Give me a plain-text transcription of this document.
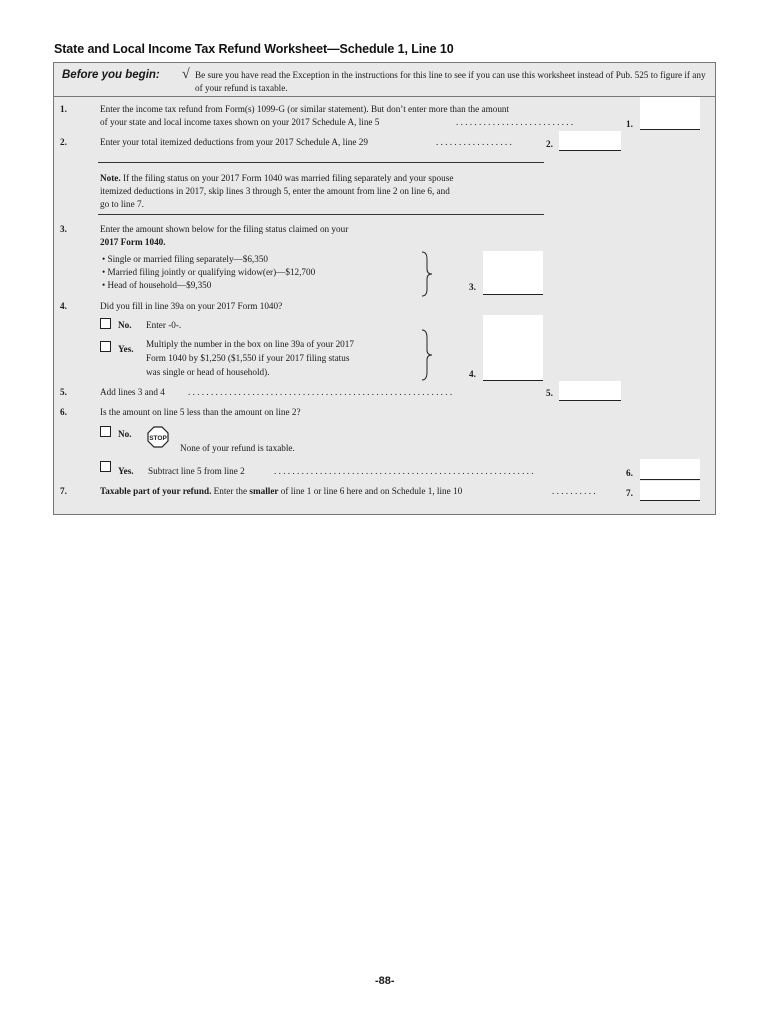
State and Local Income Tax Refund Worksheet—Schedule 1, Line 10
Before you begin: √ Be sure you have read the Exception in the instructions for this line to see if you can use this worksheet instead of Pub. 525 to figure if any of your refund is taxable.
1.	Enter the income tax refund from Form(s) 1099-G (or similar statement). But don’t enter more than the amount
of your state and local income taxes shown on your 2017 Schedule A, line 5	. . . . . . . . . . . . . . . . . . . . . . . . . .	1.
2.	Enter your total itemized deductions from your 2017 Schedule A, line 29	. . . . . . . . . . . . . . . . .	2.
Note. If the filing status on your 2017 Form 1040 was married filing separately and your spouse
itemized deductions in 2017, skip lines 3 through 5, enter the amount from line 2 on line 6, and
go to line 7.
3.	Enter the amount shown below for the filing status claimed on your
2017 Form 1040.
• Single or married filing separately—$6,350
• Married filing jointly or qualifying widow(er)—$12,700
• Head of household—$9,350	3.
4.	Did you fill in line 39a on your 2017 Form 1040?
No. Enter -0-.
Yes. Multiply the number in the box on line 39a of your 2017
Form 1040 by $1,250 ($1,550 if your 2017 filing status
was single or head of household).	4.
5.	Add lines 3 and 4	. . . . . . . . . . . . . . . . . . . . . . . . . . . . . . . . . . . . . . . . . . . . . . . . . . . . . . . . . .	5.
6.	Is the amount on line 5 less than the amount on line 2?
No.	STOP
None of your refund is taxable.
Yes. Subtract line 5 from line 2	. . . . . . . . . . . . . . . . . . . . . . . . . . . . . . . . . . . . . . . . . . . . . . . . . . . . . . . . .	6.
7.	Taxable part of your refund. Enter the smaller of line 1 or line 6 here and on Schedule 1, line 10	. . . . . . . . . .	7.
-88-
